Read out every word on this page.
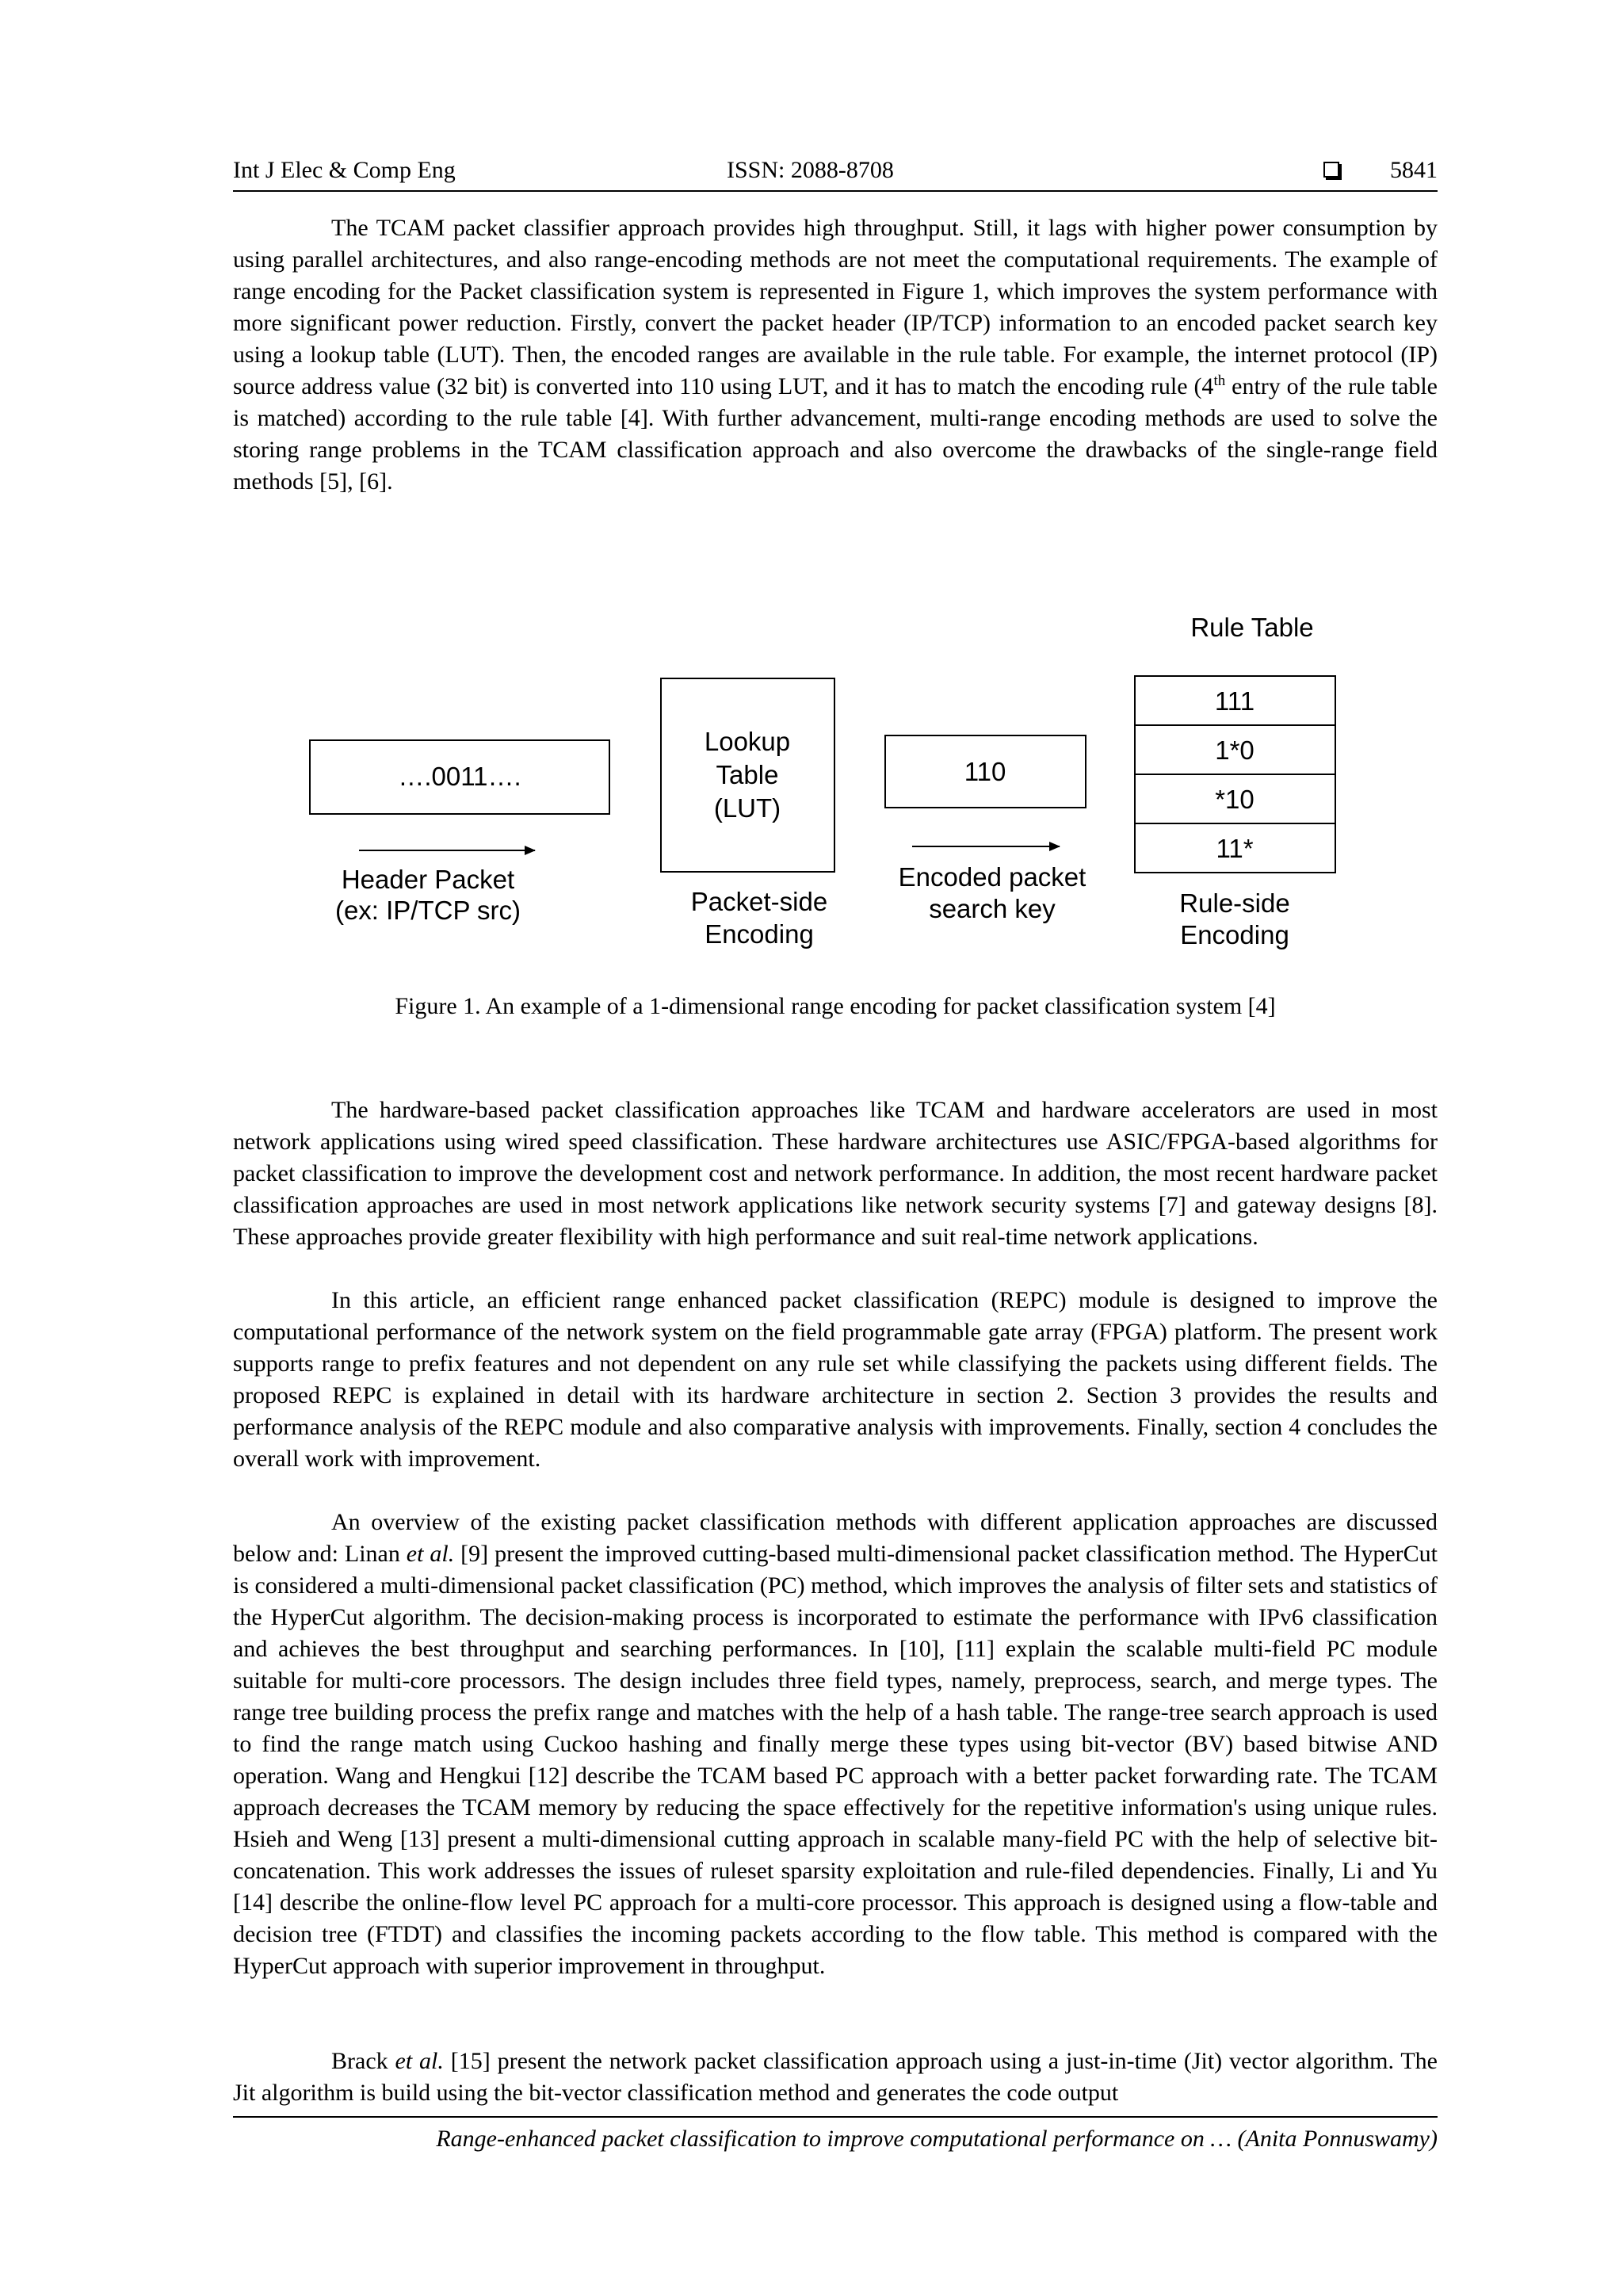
Int J Elec & Comp Eng	ISSN: 2088-8708	5841

The TCAM packet classifier approach provides high throughput. Still, it lags with higher power consumption by using parallel architectures, and also range-encoding methods are not meet the computational requirements. The example of range encoding for the Packet classification system is represented in Figure 1, which improves the system performance with more significant power reduction. Firstly, convert the packet header (IP/TCP) information to an encoded packet search key using a lookup table (LUT). Then, the encoded ranges are available in the rule table. For example, the internet protocol (IP) source address value (32 bit) is converted into 110 using LUT, and it has to match the encoding rule (4th entry of the rule table is matched) according to the rule table [4]. With further advancement, multi-range encoding methods are used to solve the storing range problems in the TCAM classification approach and also overcome the drawbacks of the single-range field methods [5], [6].

….0011….
Header Packet
(ex: IP/TCP src)
Lookup
Table
(LUT)
Packet-side
Encoding
110
Encoded packet
search key
Rule Table
111
1*0
*10
11*
Rule-side
Encoding
Figure 1. An example of a 1-dimensional range encoding for packet classification system [4]

The hardware-based packet classification approaches like TCAM and hardware accelerators are used in most network applications using wired speed classification. These hardware architectures use ASIC/FPGA-based algorithms for packet classification to improve the development cost and network performance. In addition, the most recent hardware packet classification approaches are used in most network applications like network security systems [7] and gateway designs [8]. These approaches provide greater flexibility with high performance and suit real-time network applications.

In this article, an efficient range enhanced packet classification (REPC) module is designed to improve the computational performance of the network system on the field programmable gate array (FPGA) platform. The present work supports range to prefix features and not dependent on any rule set while classifying the packets using different fields. The proposed REPC is explained in detail with its hardware architecture in section 2. Section 3 provides the results and performance analysis of the REPC module and also comparative analysis with improvements. Finally, section 4 concludes the overall work with improvement.

An overview of the existing packet classification methods with different application approaches are discussed below and: Linan et al. [9] present the improved cutting-based multi-dimensional packet classification method. The HyperCut is considered a multi-dimensional packet classification (PC) method, which improves the analysis of filter sets and statistics of the HyperCut algorithm. The decision-making process is incorporated to estimate the performance with IPv6 classification and achieves the best throughput and searching performances. In [10], [11] explain the scalable multi-field PC module suitable for multi-core processors. The design includes three field types, namely, preprocess, search, and merge types. The range tree building process the prefix range and matches with the help of a hash table. The range-tree search approach is used to find the range match using Cuckoo hashing and finally merge these types using bit-vector (BV) based bitwise AND operation. Wang and Hengkui [12] describe the TCAM based PC approach with a better packet forwarding rate. The TCAM approach decreases the TCAM memory by reducing the space effectively for the repetitive information's using unique rules. Hsieh and Weng [13] present a multi-dimensional cutting approach in scalable many-field PC with the help of selective bit-concatenation. This work addresses the issues of ruleset sparsity exploitation and rule-filed dependencies. Finally, Li and Yu [14] describe the online-flow level PC approach for a multi-core processor. This approach is designed using a flow-table and decision tree (FTDT) and classifies the incoming packets according to the flow table. This method is compared with the HyperCut approach with superior improvement in throughput.

Brack et al. [15] present the network packet classification approach using a just-in-time (Jit) vector algorithm. The Jit algorithm is build using the bit-vector classification method and generates the code output

Range-enhanced packet classification to improve computational performance on … (Anita Ponnuswamy)
